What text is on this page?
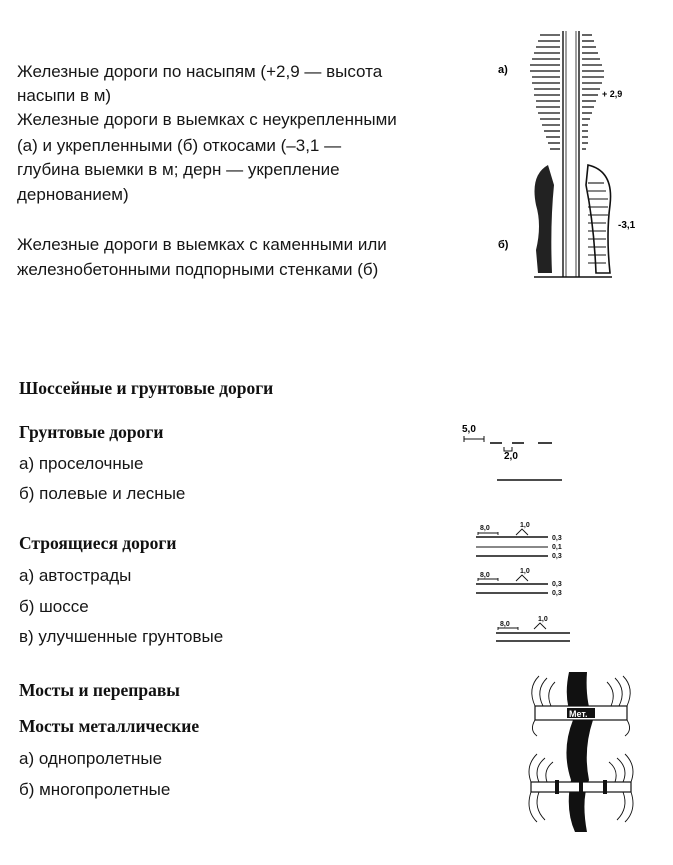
Железные дороги по насыпям (+2,9 — высота
насыпи в м)
Железные дороги в выемках с неукрепленными
(а) и укрепленными (б) откосами (–3,1 —
глубина выемки в м; дерн — укрепление
дернованием)
Железные дороги в выемках с каменными или
железнобетонными подпорными стенками (б)
а)
+ 2,9
б)
-3,1
Шоссейные и грунтовые дороги
Грунтовые дороги
а) проселочные
б) полевые и лесные
5,0
2,0
Строящиеся дороги
а) автострады
б) шоссе
в) улучшенные грунтовые
8,0	1,0
0,3
0,1
0,3
8,0
1,0
0,3
0,3
8,0
1,0
Мосты и переправы
Мосты металлические
а) однопролетные
б) многопролетные
Мет.
